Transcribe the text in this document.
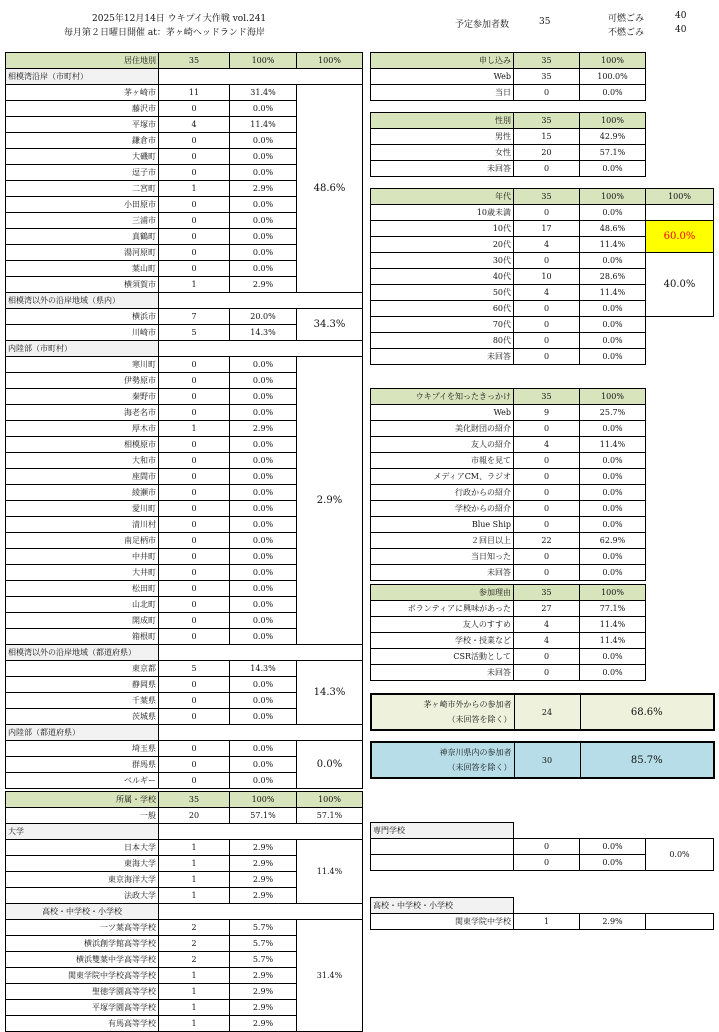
2025年12月14日 ウキプイ大作戦 vol.241
毎月第２日曜日開催 at：茅ヶ崎ヘッドランド海岸
予定参加者数	35	可燃ごみ	40
不燃ごみ	40
居住地別	35	100%	100%
相模湾沿岸（市町村）			
茅ヶ崎市	11	31.4%	48.6%
藤沢市	0	0.0%	
平塚市	4	11.4%	
鎌倉市	0	0.0%	
大磯町	0	0.0%	
逗子市	0	0.0%	
二宮町	1	2.9%	
小田原市	0	0.0%	
三浦市	0	0.0%	
真鶴町	0	0.0%	
湯河原町	0	0.0%	
葉山町	0	0.0%	
横須賀市	1	2.9%	
相模湾以外の沿岸地域（県内）			
横浜市	7	20.0%	34.3%
川崎市	5	14.3%	
内陸部（市町村）			
寒川町	0	0.0%	2.9%
伊勢原市	0	0.0%	
秦野市	0	0.0%	
海老名市	0	0.0%	
厚木市	1	2.9%	
相模原市	0	0.0%	
大和市	0	0.0%	
座間市	0	0.0%	
綾瀬市	0	0.0%	
愛川町	0	0.0%	
清川村	0	0.0%	
南足柄市	0	0.0%	
中井町	0	0.0%	
大井町	0	0.0%	
松田町	0	0.0%	
山北町	0	0.0%	
開成町	0	0.0%	
箱根町	0	0.0%	
相模湾以外の沿岸地域（都道府県）			
東京都	5	14.3%	14.3%
静岡県	0	0.0%	
千葉県	0	0.0%	
茨城県	0	0.0%	
内陸部（都道府県）			
埼玉県	0	0.0%	0.0%
群馬県	0	0.0%	
ベルギー	0	0.0%	
申し込み	35	100%
Web	35	100.0%
当日	0	0.0%
性別	35	100%
男性	15	42.9%
女性	20	57.1%
未回答	0	0.0%
年代	35	100%	100%
10歳未満	0	0.0%	
10代	17	48.6%	60.0%
20代	4	11.4%	
30代	0	0.0%	40.0%
40代	10	28.6%	
50代	4	11.4%	
60代	0	0.0%	
70代	0	0.0%	
80代	0	0.0%	
未回答	0	0.0%	
ウキプイを知ったきっかけ	35	100%
Web	9	25.7%
美化財団の紹介	0	0.0%
友人の紹介	4	11.4%
市報を見て	0	0.0%
メディアCM、ラジオ	0	0.0%
行政からの紹介	0	0.0%
学校からの紹介	0	0.0%
Blue Ship	0	0.0%
２回目以上	22	62.9%
当日知った	0	0.0%
未回答	0	0.0%
参加理由	35	100%
ボランティアに興味があった	27	77.1%
友人のすすめ	4	11.4%
学校・授業など	4	11.4%
CSR活動として	0	0.0%
未回答	0	0.0%
茅ヶ崎市外からの参加者
（未回答を除く）
	24	68.6%
神奈川県内の参加者
（未回答を除く）
	30	85.7%
所属・学校	35	100%	100%
一般	20	57.1%	57.1%
大学			
日本大学	1	2.9%	11.4%
東海大学	1	2.9%	
東京海洋大学	1	2.9%	
法政大学	1	2.9%	
高校・中学校・小学校			
一ツ葉高等学校	2	5.7%	31.4%
横浜創学館高等学校	2	5.7%	
横浜雙葉中学高等学校	2	5.7%	
関東学院中学校高等学校	1	2.9%	
聖徳学園高等学校	1	2.9%	
平塚学園高等学校	1	2.9%	
有馬高等学校	1	2.9%	
専門学校			
	0	0.0%	0.0%
	0	0.0%	
高校・中学校・小学校			
関東学院中学校	1	2.9%	
